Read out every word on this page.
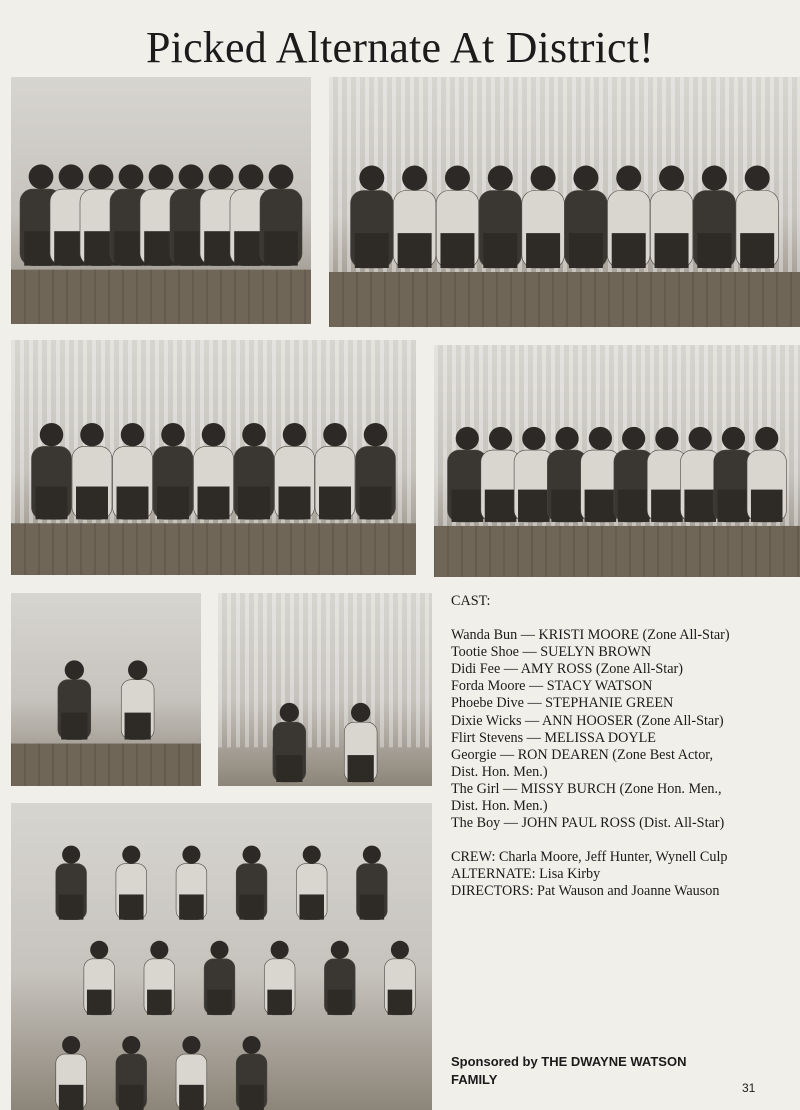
Picked Alternate At District!
CAST:
Wanda Bun — KRISTI MOORE (Zone All-Star)
Tootie Shoe — SUELYN BROWN
Didi Fee — AMY ROSS (Zone All-Star)
Forda Moore — STACY WATSON
Phoebe Dive — STEPHANIE GREEN
Dixie Wicks — ANN HOOSER (Zone All-Star)
Flirt Stevens — MELISSA DOYLE
Georgie — RON DEAREN (Zone Best Actor,
Dist. Hon. Men.)
The Girl — MISSY BURCH (Zone Hon. Men.,
Dist. Hon. Men.)
The Boy — JOHN PAUL ROSS (Dist. All-Star)
CREW: Charla Moore, Jeff Hunter, Wynell Culp
ALTERNATE: Lisa Kirby
DIRECTORS: Pat Wauson and Joanne Wauson
Sponsored by THE DWAYNE WATSON
FAMILY
31
